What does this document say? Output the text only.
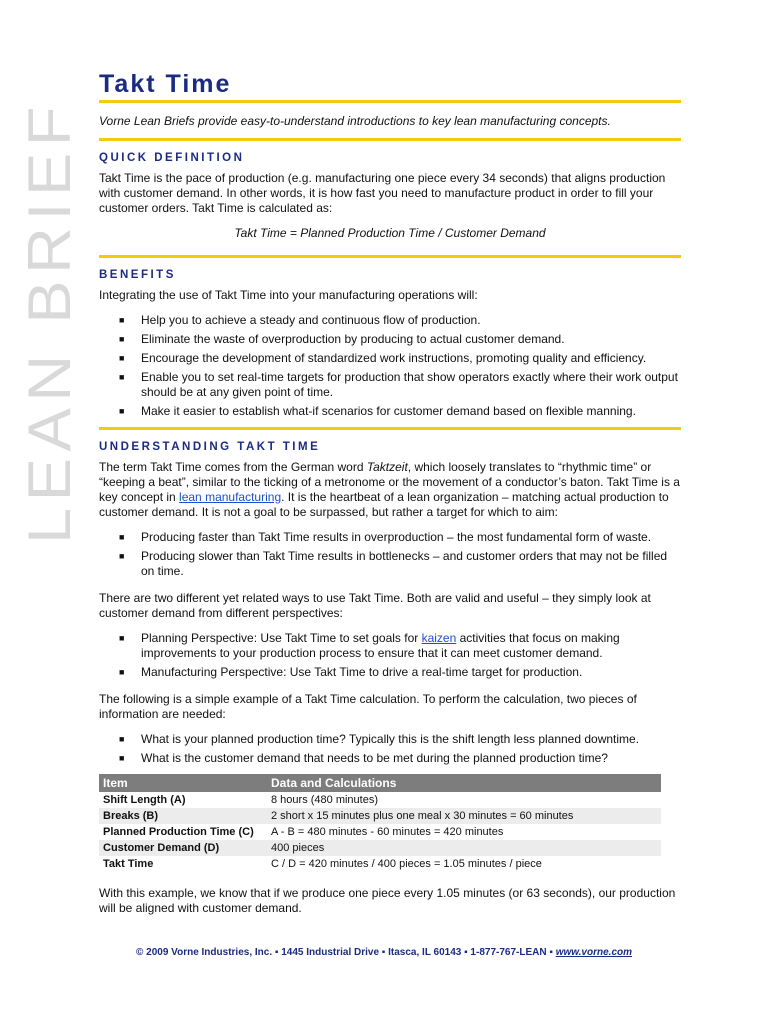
LEAN BRIEF
Takt Time

Vorne Lean Briefs provide easy-to-understand introductions to key lean manufacturing concepts.

QUICK DEFINITION

Takt Time is the pace of production (e.g. manufacturing one piece every 34 seconds) that aligns production with customer demand. In other words, it is how fast you need to manufacture product in order to fill your customer orders. Takt Time is calculated as:

Takt Time = Planned Production Time / Customer Demand

BENEFITS

Integrating the use of Takt Time into your manufacturing operations will:

■ Help you to achieve a steady and continuous flow of production.
■ Eliminate the waste of overproduction by producing to actual customer demand.
■ Encourage the development of standardized work instructions, promoting quality and efficiency.
■ Enable you to set real-time targets for production that show operators exactly where their work output should be at any given point of time.
■ Make it easier to establish what-if scenarios for customer demand based on flexible manning.
UNDERSTANDING TAKT TIME

The term Takt Time comes from the German word Taktzeit, which loosely translates to “rhythmic time” or “keeping a beat”, similar to the ticking of a metronome or the movement of a conductor’s baton. Takt Time is a key concept in lean manufacturing. It is the heartbeat of a lean organization – matching actual production to customer demand. It is not a goal to be surpassed, but rather a target for which to aim:

■ Producing faster than Takt Time results in overproduction – the most fundamental form of waste.
■ Producing slower than Takt Time results in bottlenecks – and customer orders that may not be filled on time.

There are two different yet related ways to use Takt Time. Both are valid and useful – they simply look at customer demand from different perspectives:

■ Planning Perspective: Use Takt Time to set goals for kaizen activities that focus on making improvements to your production process to ensure that it can meet customer demand.
■ Manufacturing Perspective: Use Takt Time to drive a real-time target for production.

The following is a simple example of a Takt Time calculation. To perform the calculation, two pieces of information are needed:

■ What is your planned production time? Typically this is the shift length less planned downtime.
■ What is the customer demand that needs to be met during the planned production time?
Item	Data and Calculations
Shift Length (A)	8 hours (480 minutes)
Breaks (B)	2 short x 15 minutes plus one meal x 30 minutes = 60 minutes
Planned Production Time (C)	A - B = 480 minutes - 60 minutes = 420 minutes
Customer Demand (D)	400 pieces
Takt Time	C / D = 420 minutes / 400 pieces = 1.05 minutes / piece

With this example, we know that if we produce one piece every 1.05 minutes (or 63 seconds), our production will be aligned with customer demand.

© 2009 Vorne Industries, Inc. ▪ 1445 Industrial Drive ▪ Itasca, IL 60143 ▪ 1-877-767-LEAN ▪ www.vorne.com
